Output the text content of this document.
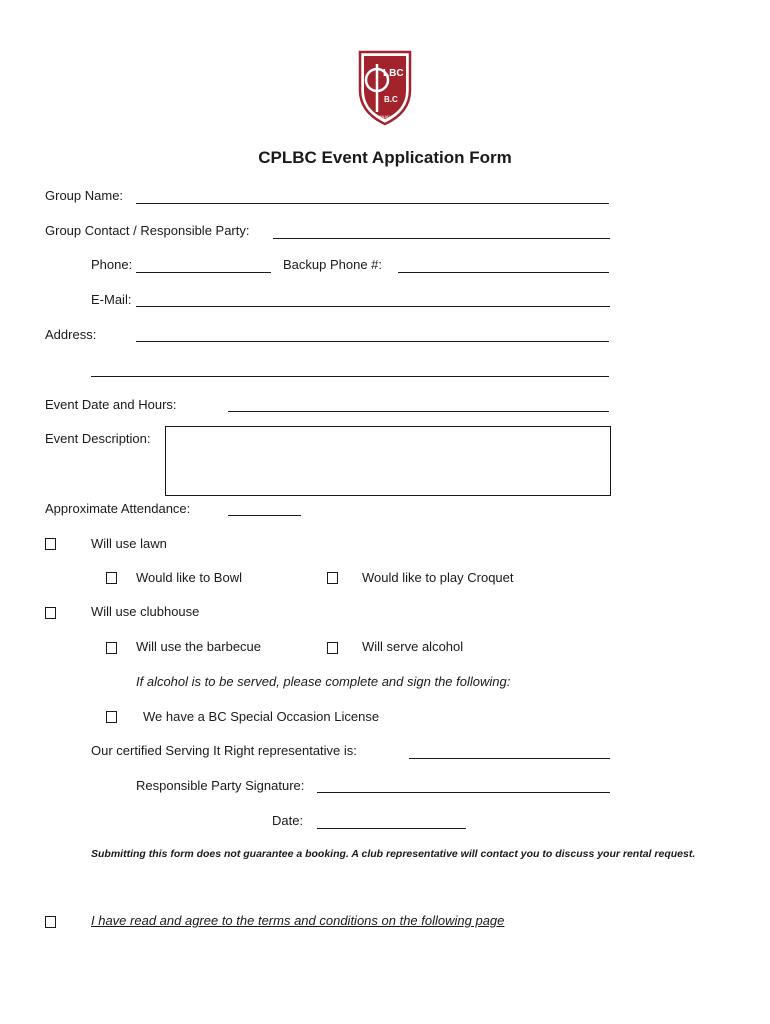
LBC
B.C
CANADA
CPLBC Event Application Form
Group Name:
Group Contact / Responsible Party:
Phone:	Backup Phone #:
E-Mail:
Address:
Event Date and Hours:
Event Description:
Approximate Attendance:
Will use lawn
Would like to Bowl	Would like to play Croquet
Will use clubhouse
Will use the barbecue	Will serve alcohol
If alcohol is to be served, please complete and sign the following:
We have a BC Special Occasion License
Our certified Serving It Right representative is:
Responsible Party Signature:
Date:
Submitting this form does not guarantee a booking. A club representative will contact you to discuss your rental request.
I have read and agree to the terms and conditions on the following page
